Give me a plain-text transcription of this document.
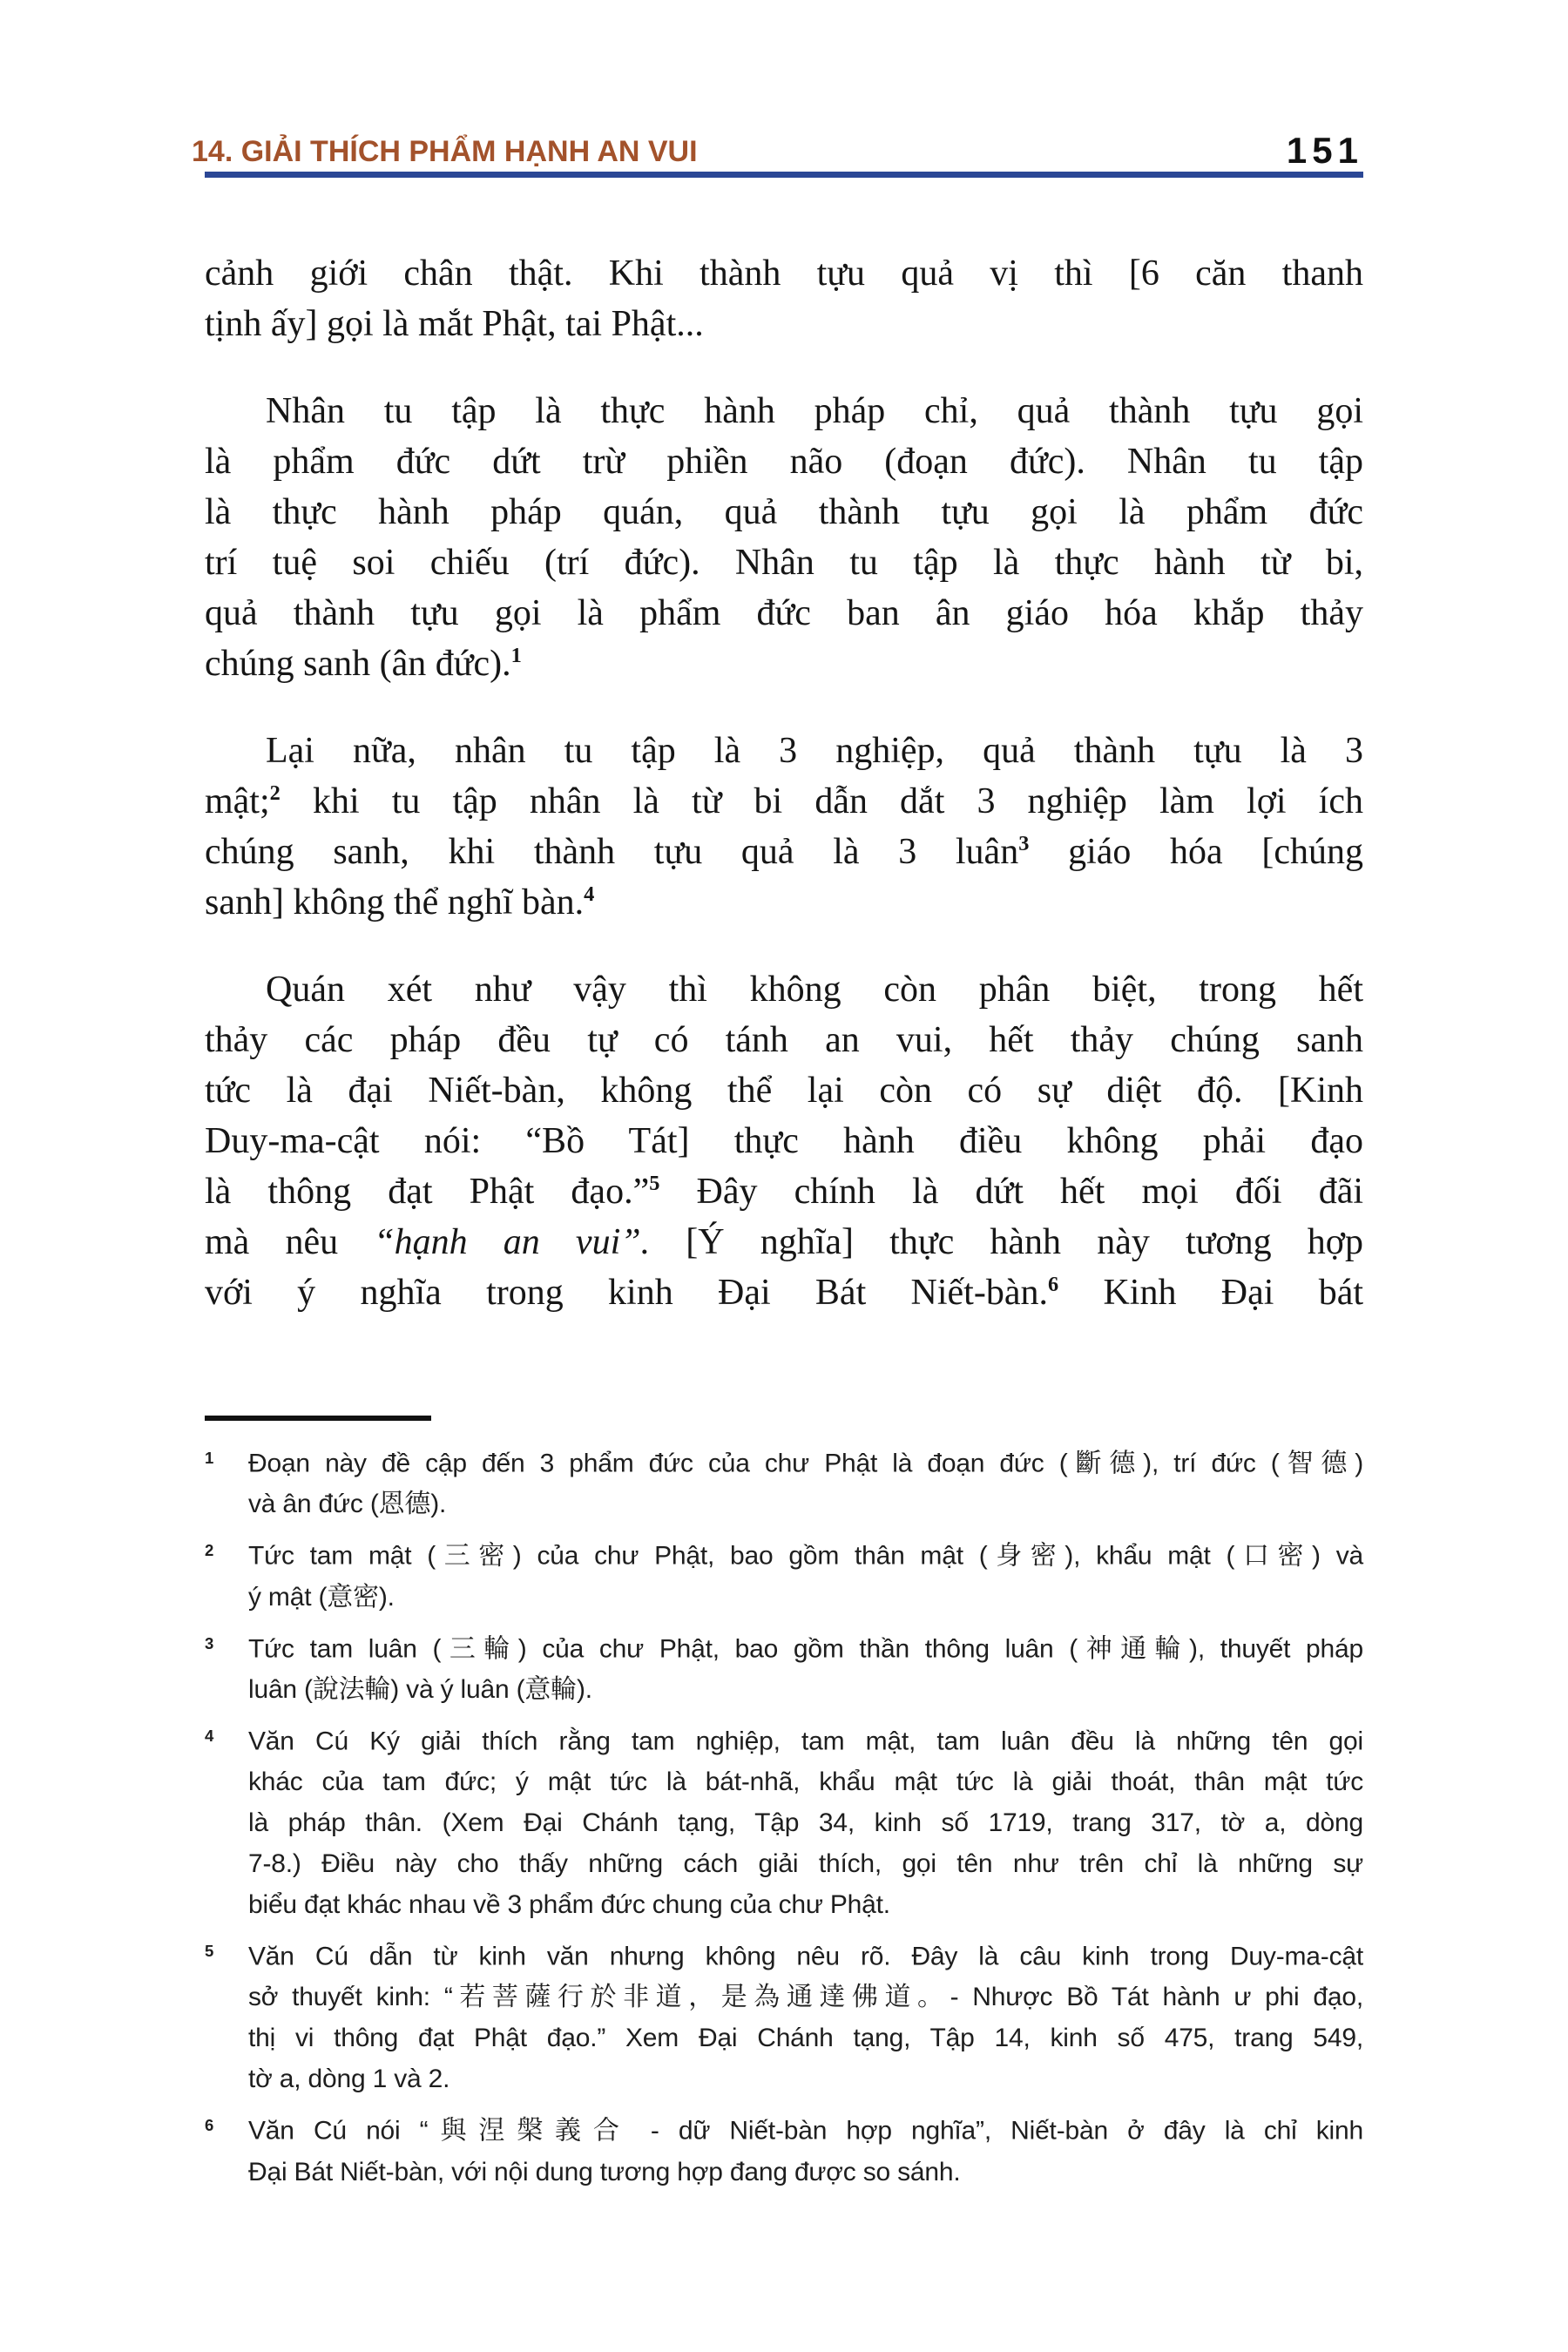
14. GIẢI THÍCH PHẨM HẠNH AN VUI	151
cảnh giới chân thật. Khi thành tựu quả vị thì [6 căn thanh
tịnh ấy] gọi là mắt Phật, tai Phật...
Nhân tu tập là thực hành pháp chỉ, quả thành tựu gọi
là phẩm đức dứt trừ phiền não (đoạn đức). Nhân tu tập
là thực hành pháp quán, quả thành tựu gọi là phẩm đức
trí tuệ soi chiếu (trí đức). Nhân tu tập là thực hành từ bi,
quả thành tựu gọi là phẩm đức ban ân giáo hóa khắp thảy
chúng sanh (ân đức).$^1$
Lại nữa, nhân tu tập là 3 nghiệp, quả thành tựu là 3
mật;$^2$ khi tu tập nhân là từ bi dẫn dắt 3 nghiệp làm lợi ích
chúng sanh, khi thành tựu quả là 3 luân$^3$ giáo hóa [chúng
sanh] không thể nghĩ bàn.$^4$
Quán xét như vậy thì không còn phân biệt, trong hết
thảy các pháp đều tự có tánh an vui, hết thảy chúng sanh
tức là đại Niết-bàn, không thể lại còn có sự diệt độ. [Kinh
Duy-ma-cật nói: “Bồ Tát] thực hành điều không phải đạo
là thông đạt Phật đạo.”$^5$ Đây chính là dứt hết mọi đối đãi
mà nêu “hạnh an vui”. [Ý nghĩa] thực hành này tương hợp
với ý nghĩa trong kinh Đại Bát Niết-bàn.$^6$ Kinh Đại bát
1 Đoạn này đề cập đến 3 phẩm đức của chư Phật là đoạn đức (斷德), trí đức (智德)
và ân đức (恩德).
2 Tức tam mật (三密) của chư Phật, bao gồm thân mật (身密), khẩu mật (口密) và
ý mật (意密).
3 Tức tam luân (三輪) của chư Phật, bao gồm thần thông luân (神通輪), thuyết pháp
luân (說法輪) và ý luân (意輪).
4 Văn Cú Ký giải thích rằng tam nghiệp, tam mật, tam luân đều là những tên gọi
khác của tam đức; ý mật tức là bát-nhã, khẩu mật tức là giải thoát, thân mật tức
là pháp thân. (Xem Đại Chánh tạng, Tập 34, kinh số 1719, trang 317, tờ a, dòng
7-8.) Điều này cho thấy những cách giải thích, gọi tên như trên chỉ là những sự
biểu đạt khác nhau về 3 phẩm đức chung của chư Phật.
5 Văn Cú dẫn từ kinh văn nhưng không nêu rõ. Đây là câu kinh trong Duy-ma-cật
sở thuyết kinh: “若菩薩行於非道，是為通達佛道。- Nhược Bồ Tát hành ư phi đạo,
thị vi thông đạt Phật đạo.” Xem Đại Chánh tạng, Tập 14, kinh số 475, trang 549,
tờ a, dòng 1 và 2.
6 Văn Cú nói “與涅槃義合 - dữ Niết-bàn hợp nghĩa”, Niết-bàn ở đây là chỉ kinh
Đại Bát Niết-bàn, với nội dung tương hợp đang được so sánh.
